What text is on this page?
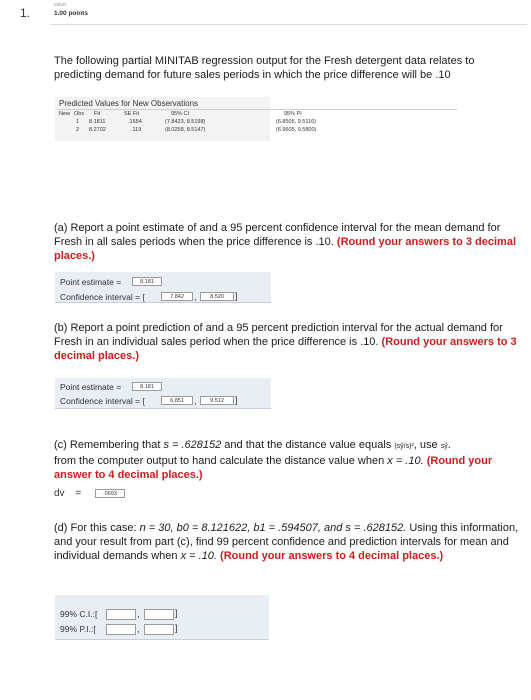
1.
value:
1.00 points
The following partial MINITAB regression output for the Fresh detergent data relates to predicting demand for future sales periods in which the price difference will be .10
Predicted Values for New Observations
New Obs Fit	SE Fit	95% CI	95% PI
1 8.1811	.1654	(7.8423, 8.5198)	(6.8505, 9.5116)
2 8.2702	.119	(8.0258, 8.5147)	(6.9605, 9.5800)
(a) Report a point estimate of and a 95 percent confidence interval for the mean demand for Fresh in all sales periods when the price difference is .10. (Round your answers to 3 decimal places.)
Point estimate =	8.181
Confidence interval = [	7.842	,	8.520	]
(b) Report a point prediction of and a 95 percent prediction interval for the actual demand for Fresh in an individual sales period when the price difference is .10. (Round your answers to 3 decimal places.)
Point estimate =	8.181
Confidence interval = [	6.851	,	9.512	]
(c) Remembering that s = .628152 and that the distance value equals (sŷ/s)², use sŷ.
from the computer output to hand calculate the distance value when x = .10. (Round your answer to 4 decimal places.)
dv =	.0693
(d) For this case: n = 30, b0 = 8.121622, b1 = .594507, and s = .628152. Using this information, and your result from part (c), find 99 percent confidence and prediction intervals for mean and individual demands when x = .10. (Round your answers to 4 decimal places.)
99% C.I.:[	,	]
99% P.I.:[	,	]
